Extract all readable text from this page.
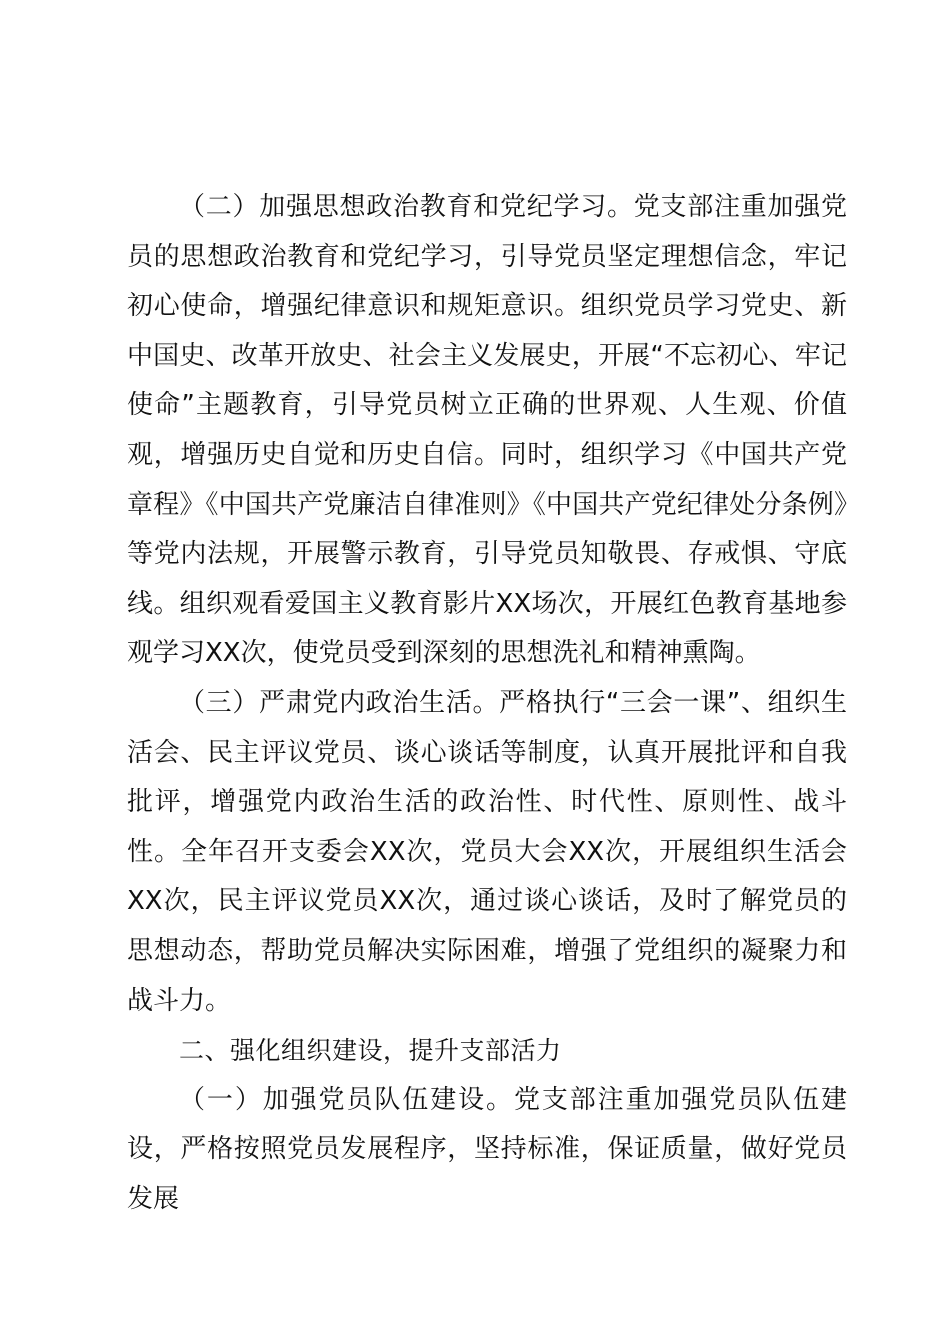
（二）加强思想政治教育和党纪学习。党支部注重加强党员的思想政治教育和党纪学习，引导党员坚定理想信念，牢记初心使命，增强纪律意识和规矩意识。组织党员学习党史、新中国史、改革开放史、社会主义发展史，开展“不忘初心、牢记使命”主题教育，引导党员树立正确的世界观、人生观、价值观，增强历史自觉和历史自信。同时，组织学习《中国共产党章程》《中国共产党廉洁自律准则》《中国共产党纪律处分条例》等党内法规，开展警示教育，引导党员知敬畏、存戒惧、守底线。组织观看爱国主义教育影片XX场次，开展红色教育基地参观学习XX次，使党员受到深刻的思想洗礼和精神熏陶。

（三）严肃党内政治生活。严格执行“三会一课”、组织生活会、民主评议党员、谈心谈话等制度，认真开展批评和自我批评，增强党内政治生活的政治性、时代性、原则性、战斗性。全年召开支委会XX次，党员大会XX次，开展组织生活会XX次，民主评议党员XX次，通过谈心谈话，及时了解党员的思想动态，帮助党员解决实际困难，增强了党组织的凝聚力和战斗力。

二、强化组织建设，提升支部活力

（一）加强党员队伍建设。党支部注重加强党员队伍建设，严格按照党员发展程序，坚持标准，保证质量，做好党员发展
